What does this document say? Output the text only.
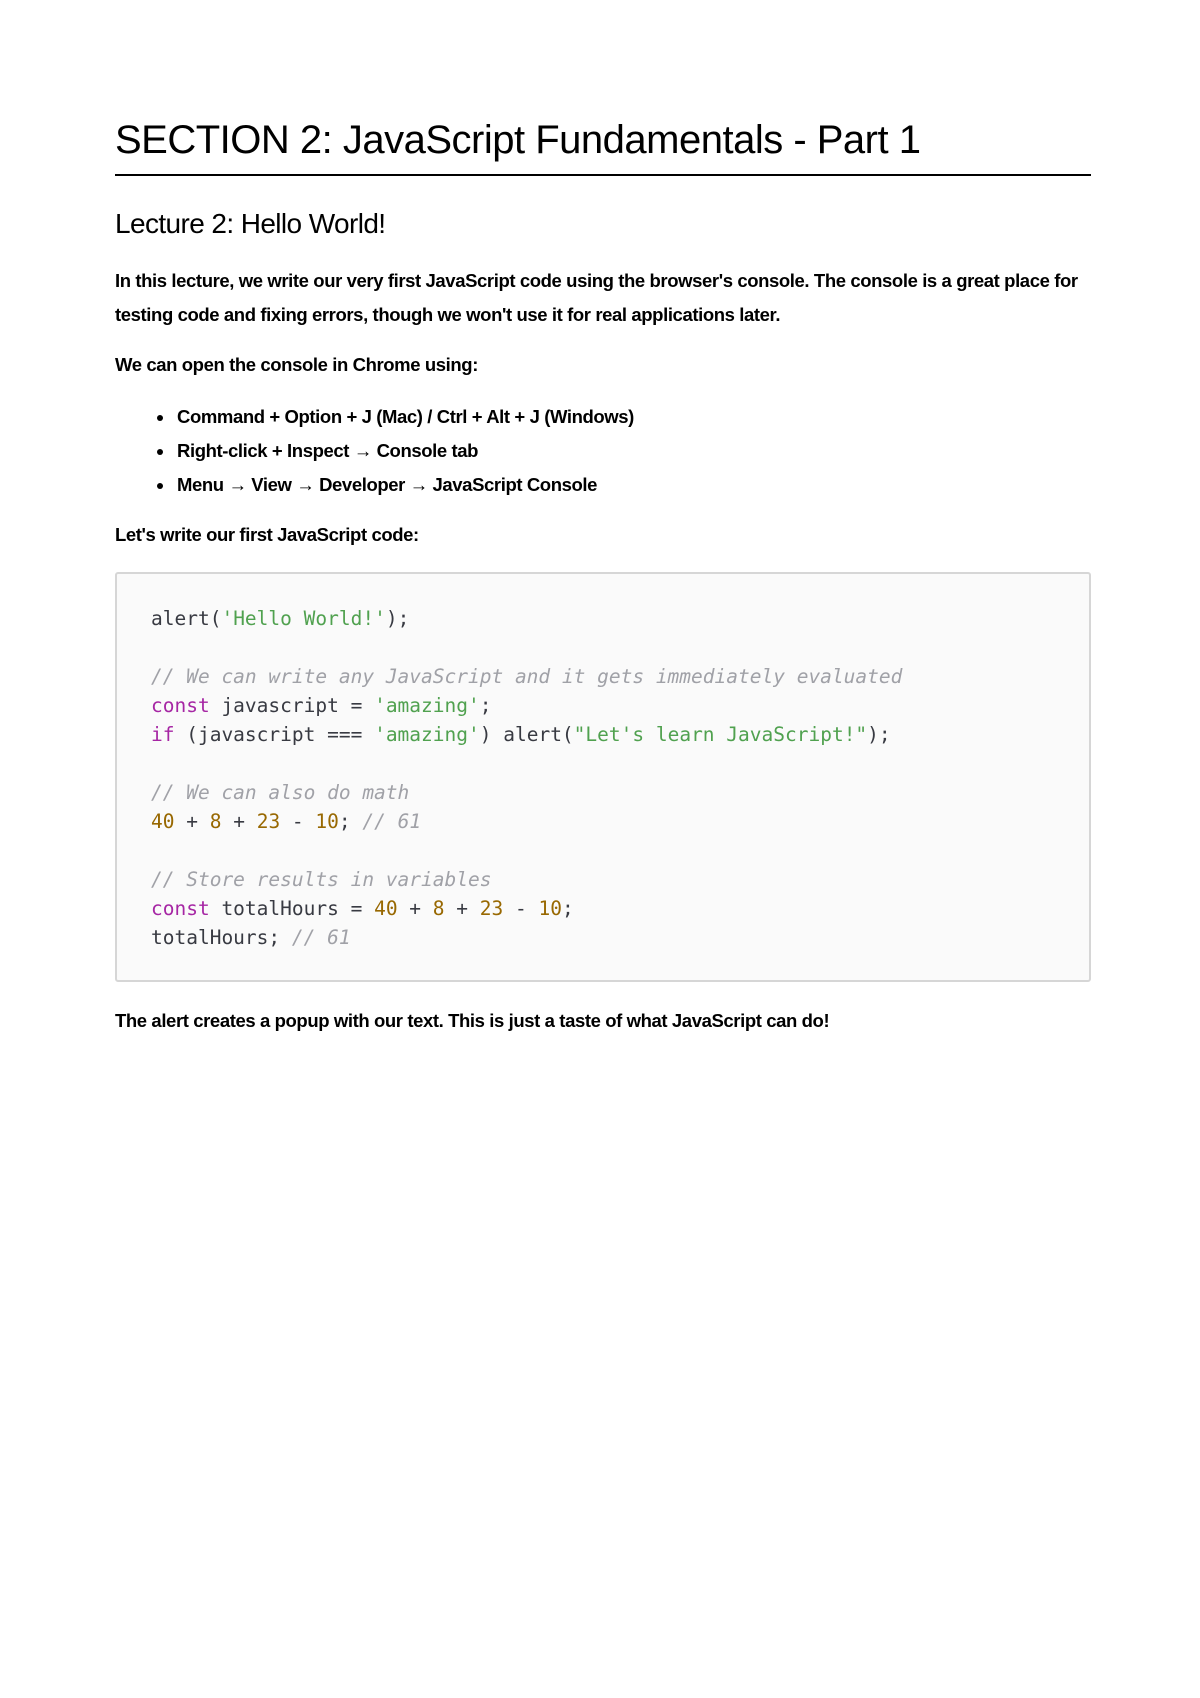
SECTION 2: JavaScript Fundamentals - Part 1
Lecture 2: Hello World!

In this lecture, we write our very first JavaScript code using the browser's console. The console is a great place for testing code and fixing errors, though we won't use it for real applications later.

We can open the console in Chrome using:

• Command + Option + J (Mac) / Ctrl + Alt + J (Windows)
• Right-click + Inspect → Console tab
• Menu → View → Developer → JavaScript Console

Let's write our first JavaScript code:

alert('Hello World!');
// We can write any JavaScript and it gets immediately evaluated
const javascript = 'amazing';
if (javascript === 'amazing') alert("Let's learn JavaScript!");
// We can also do math
40 + 8 + 23 - 10; // 61
// Store results in variables
const totalHours = 40 + 8 + 23 - 10;
totalHours; // 61

The alert creates a popup with our text. This is just a taste of what JavaScript can do!
